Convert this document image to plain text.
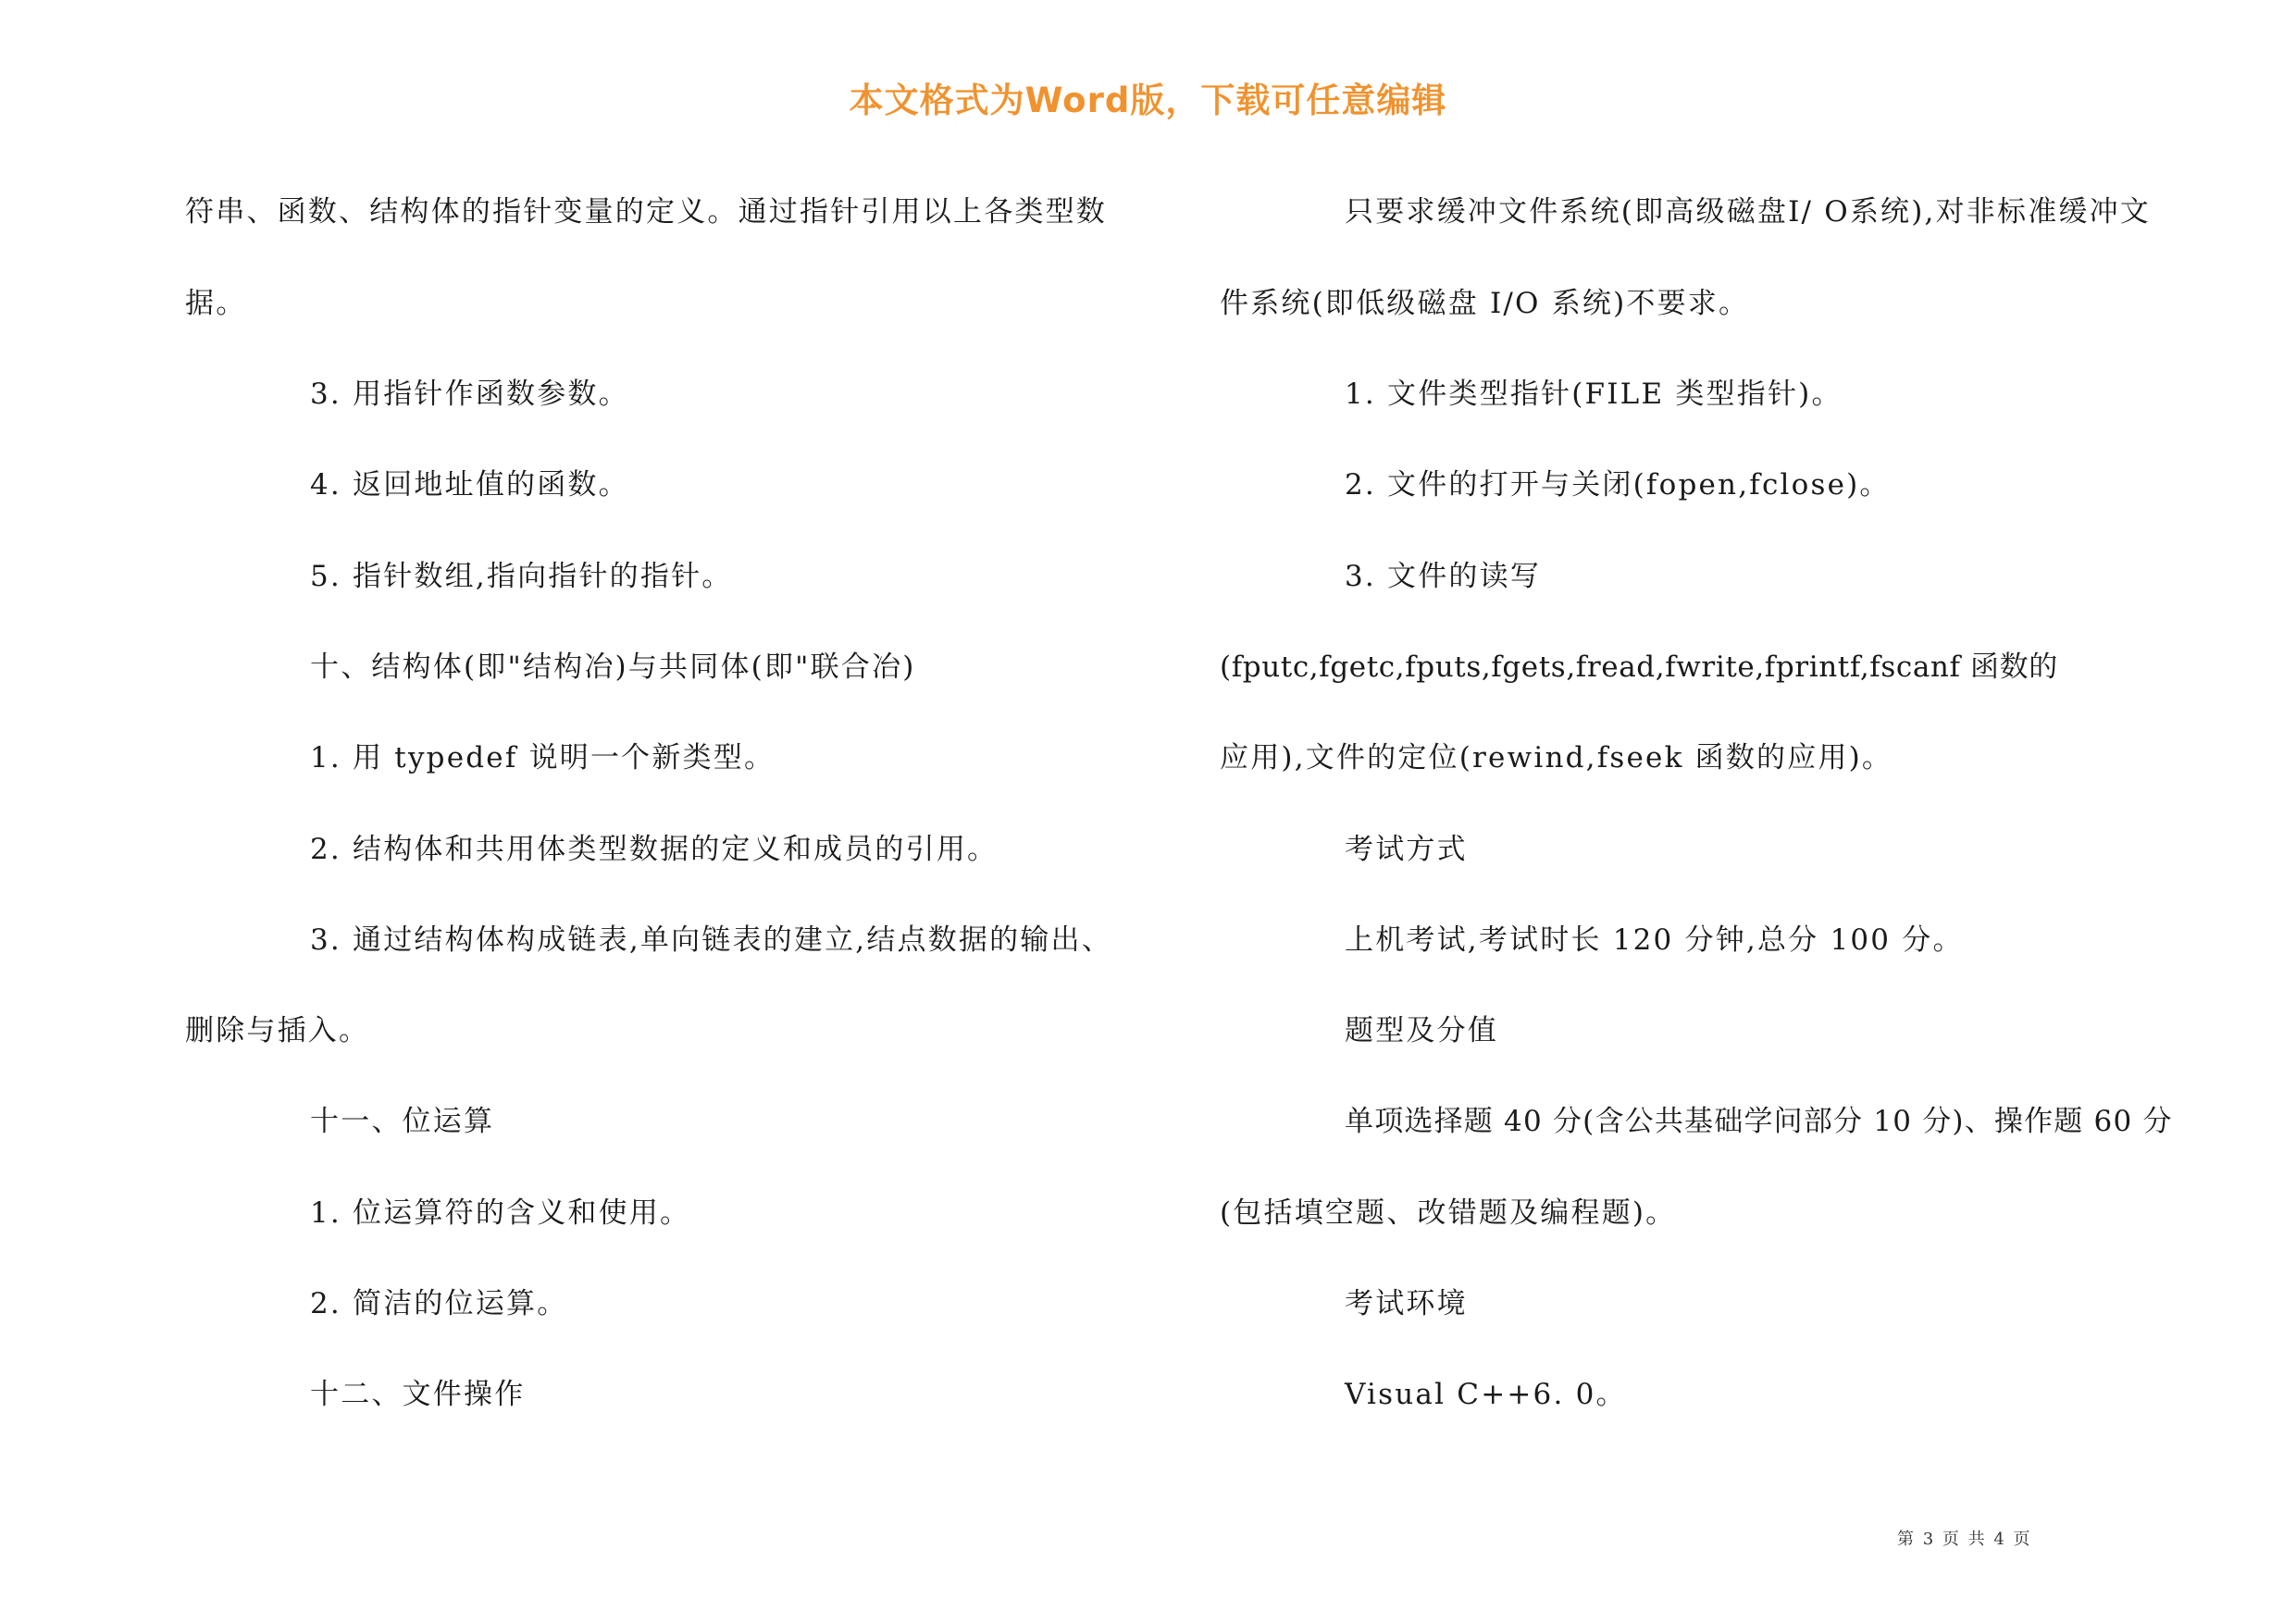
本文格式为Word版，下载可任意编辑
符串、函数、结构体的指针变量的定义。通过指针引用以上各类型数
据。
3. 用指针作函数参数。
4. 返回地址值的函数。
5. 指针数组,指向指针的指针。
十、结构体(即"结构冶)与共同体(即"联合冶)
1. 用 typedef 说明一个新类型。
2. 结构体和共用体类型数据的定义和成员的引用。
3. 通过结构体构成链表,单向链表的建立,结点数据的输出、
删除与插入。
十一、位运算
1. 位运算符的含义和使用。
2. 简洁的位运算。
十二、文件操作
只要求缓冲文件系统(即高级磁盘I/ O系统),对非标准缓冲文
件系统(即低级磁盘 I/O 系统)不要求。
1. 文件类型指针(FILE 类型指针)。
2. 文件的打开与关闭(fopen,fclose)。
3. 文件的读写
(fputc,fgetc,fputs,fgets,fread,fwrite,fprintf,fscanf 函数的
应用),文件的定位(rewind,fseek 函数的应用)。
考试方式
上机考试,考试时长 120 分钟,总分 100 分。
题型及分值
单项选择题 40 分(含公共基础学问部分 10 分)、操作题 60 分
(包括填空题、改错题及编程题)。
考试环境
Visual C++6. 0。
第 3 页 共 4 页
